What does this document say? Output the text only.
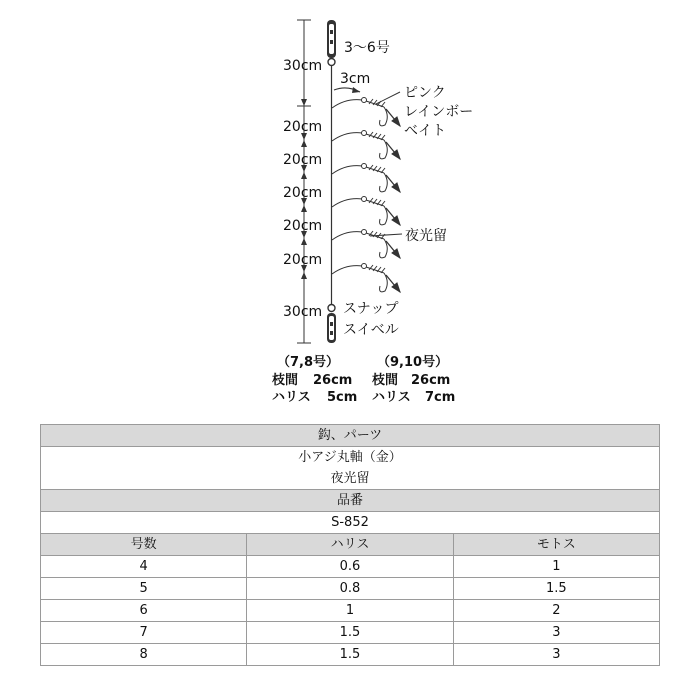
30cm
20cm
20cm
20cm
20cm
20cm
30cm
3～6号
3cm
ピンク
レインボー
ベイト
夜光留
スナップ
スイベル
（7,8号）
枝間 26cm
ハリス 5cm
（9,10号）
枝間 26cm
ハリス 7cm
鈎、パーツ		

小アジ丸軸（金）
夜光留		

品番		
S-852		
号数	ハリス	モトス
4	0.6	1
5	0.8	1.5
6	1	2
7	1.5	3
8	1.5	3
